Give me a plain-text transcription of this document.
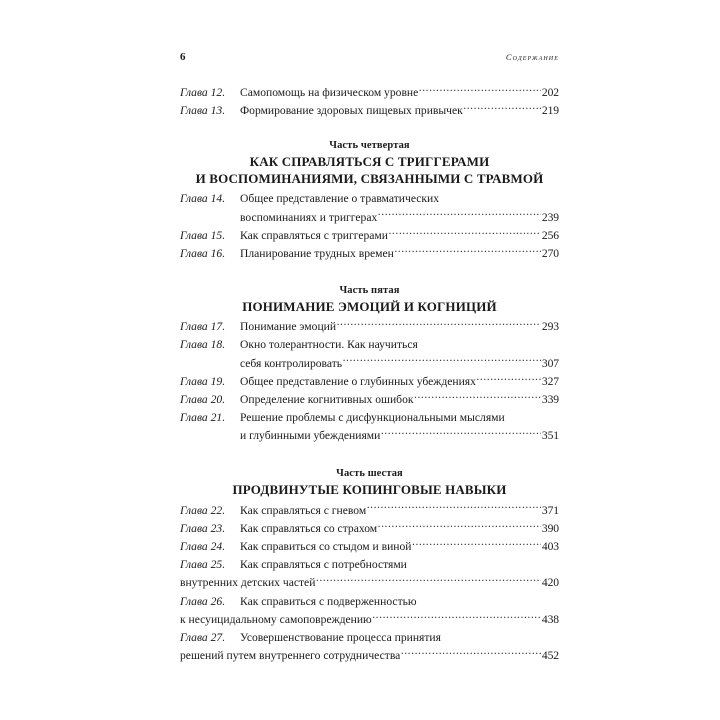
6	Содержание
Глава 12.	Самопомощь на физическом уровне .....	202
Глава 13.	Формирование здоровых пищевых привычек .....	219
Часть четвертая
КАК СПРАВЛЯТЬСЯ С ТРИГГЕРАМИ
И ВОСПОМИНАНИЯМИ, СВЯЗАННЫМИ С ТРАВМОЙ
Глава 14.	Общее представление о травматических
воспоминаниях и триггерах .....	239
Глава 15.	Как справляться с триггерами .....	256
Глава 16.	Планирование трудных времен .....	270
Часть пятая
ПОНИМАНИЕ ЭМОЦИЙ И КОГНИЦИЙ
Глава 17.	Понимание эмоций .....	293
Глава 18.	Окно толерантности. Как научиться
себя контролировать .....	307
Глава 19.	Общее представление о глубинных убеждениях .....	327
Глава 20.	Определение когнитивных ошибок .....	339
Глава 21.	Решение проблемы с дисфункциональными мыслями
и глубинными убеждениями .....	351
Часть шестая
ПРОДВИНУТЫЕ КОПИНГОВЫЕ НАВЫКИ
Глава 22.	Как справляться с гневом .....	371
Глава 23.	Как справляться со страхом .....	390
Глава 24.	Как справиться со стыдом и виной .....	403
Глава 25.	Как справляться с потребностями
внутренних детских частей .....	420
Глава 26.	Как справиться с подверженностью
к несуицидальному самоповреждению .....	438
Глава 27.	Усовершенствование процесса принятия
решений путем внутреннего сотрудничества .....	452
